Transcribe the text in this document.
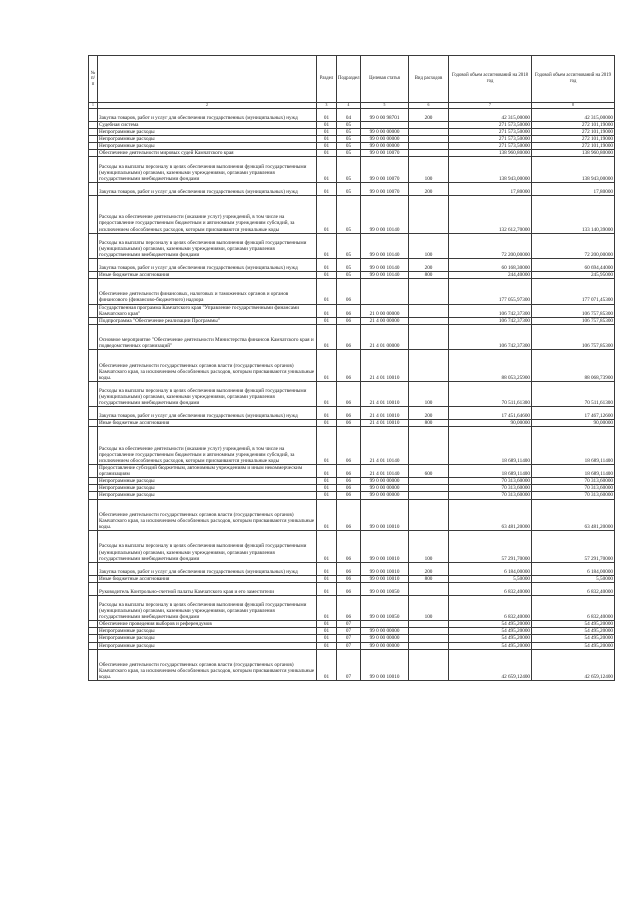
№ п/п		Раздел	Подраздел	Целевая статья	Вид расходов	Годовой объем ассигнований на 2018 год	Годовой объем ассигнований на 2019 год
1	2	3	4	5	6	7	8
	Закупка товаров, работ и услуг для обеспечения государственных (муниципальных) нужд	01	04	99 0 00 98701	200	42 315,00000	42 315,00000
	Судебная система	01	05			271 573,50000	272 101,19000
	Непрограммные расходы	01	05	99 0 00 00000		271 573,50000	272 101,19000
	Непрограммные расходы	01	05	99 0 00 00000		271 573,50000	272 101,19000
	Непрограммные расходы	01	05	99 0 00 00000		271 573,50000	272 101,19000
	Обеспечение деятельности мировых судей Камчатского края	01	05	99 0 00 10070		138 960,80000	138 960,80000
	Расходы на выплаты персоналу в целях обеспечения выполнения функций государственными (муниципальными) органами, казенными учреждениями, органами управления государственными внебюджетными фондами	01	05	99 0 00 10070	100	138 943,00000	138 943,00000
	Закупка товаров, работ и услуг для обеспечения государственных (муниципальных) нужд	01	05	99 0 00 10070	200	17,80000	17,80000
	Расходы на обеспечение деятельности (оказание услуг) учреждений, в том числе на предоставление государственным бюджетным и автономным учреждениям субсидий, за исключением обособленных расходов, которым присваиваются уникальные коды	01	05	99 0 00 10140		132 612,70000	133 140,39000
	Расходы на выплаты персоналу в целях обеспечения выполнения функций государственными (муниципальными) органами, казенными учреждениями, органами управления государственными внебюджетными фондами	01	05	99 0 00 10140	100	72 200,00000	72 200,00000
	Закупка товаров, работ и услуг для обеспечения государственных (муниципальных) нужд	01	05	99 0 00 10140	200	60 168,30000	60 694,44000
	Иные бюджетные ассигнования	01	05	99 0 00 10140	800	244,40000	245,95000
	Обеспечение деятельности финансовых, налоговых и таможенных органов и органов финансового (финансово-бюджетного) надзора	01	06			177 055,97300	177 071,45300
	Государственная программа Камчатского края "Управление государственными финансами Камчатского края"	01	06	21 0 00 00000		106 742,37300	106 757,85300
	Подпрограмма "Обеспечение реализации Программы"	01	06	21 4 00 00000		106 742,37300	106 757,85300
	Основное мероприятие "Обеспечение деятельности Министерства финансов Камчатского края и подведомственных организаций"	01	06	21 4 01 00000		106 742,37300	106 757,85300
	Обеспечение деятельности государственных органов власти (государственных органов) Камчатского края, за исключением обособленных расходов, которым присваиваются уникальные коды.	01	06	21 4 01 10010		88 053,25900	88 068,73900
	Расходы на выплаты персоналу в целях обеспечения выполнения функций государственными (муниципальными) органами, казенными учреждениями, органами управления государственными внебюджетными фондами	01	06	21 4 01 10010	100	70 511,61300	70 511,61300
	Закупка товаров, работ и услуг для обеспечения государственных (муниципальных) нужд	01	06	21 4 01 10010	200	17 451,64600	17 467,12600
	Иные бюджетные ассигнования	01	06	21 4 01 10010	800	90,00000	90,00000
	Расходы на обеспечение деятельности (оказание услуг) учреждений, в том числе на предоставление государственным бюджетным и автономным учреждениям субсидий, за исключением обособленных расходов, которым присваиваются уникальные коды	01	06	21 4 01 10140		18 689,11400	18 689,11400
	Предоставление субсидий бюджетным, автономным учреждениям и иным некоммерческим организациям	01	06	21 4 01 10140	600	18 689,11400	18 689,11400
	Непрограммные расходы	01	06	99 0 00 00000		70 313,60000	70 313,60000
	Непрограммные расходы	01	06	99 0 00 00000		70 313,60000	70 313,60000
	Непрограммные расходы	01	06	99 0 00 00000		70 313,60000	70 313,60000
	Обеспечение деятельности государственных органов власти (государственных органов) Камчатского края, за исключением обособленных расходов, которым присваиваются уникальные коды.	01	06	99 0 00 10010		63 481,20000	63 481,20000
	Расходы на выплаты персоналу в целях обеспечения выполнения функций государственными (муниципальными) органами, казенными учреждениями, органами управления государственными внебюджетными фондами	01	06	99 0 00 10010	100	57 291,70000	57 291,70000
	Закупка товаров, работ и услуг для обеспечения государственных (муниципальных) нужд	01	06	99 0 00 10010	200	6 184,00000	6 184,00000
	Иные бюджетные ассигнования	01	06	99 0 00 10010	800	5,50000	5,50000
	Руководитель Контрольно-счетной палаты Камчатского края и его заместители	01	06	99 0 00 10050		6 832,40000	6 832,40000
	Расходы на выплаты персоналу в целях обеспечения выполнения функций государственными (муниципальными) органами, казенными учреждениями, органами управления государственными внебюджетными фондами	01	06	99 0 00 10050	100	6 832,40000	6 832,40000
	Обеспечение проведения выборов и референдумов	01	07			54 495,20000	54 495,20000
	Непрограммные расходы	01	07	99 0 00 00000		54 495,20000	54 495,20000
	Непрограммные расходы	01	07	99 0 00 00000		54 495,20000	54 495,20000
	Непрограммные расходы	01	07	99 0 00 00000		54 495,20000	54 495,20000
	Обеспечение деятельности государственных органов власти (государственных органов) Камчатского края, за исключением обособленных расходов, которым присваиваются уникальные коды.	01	07	99 0 00 10010		42 659,12400	42 659,12400
